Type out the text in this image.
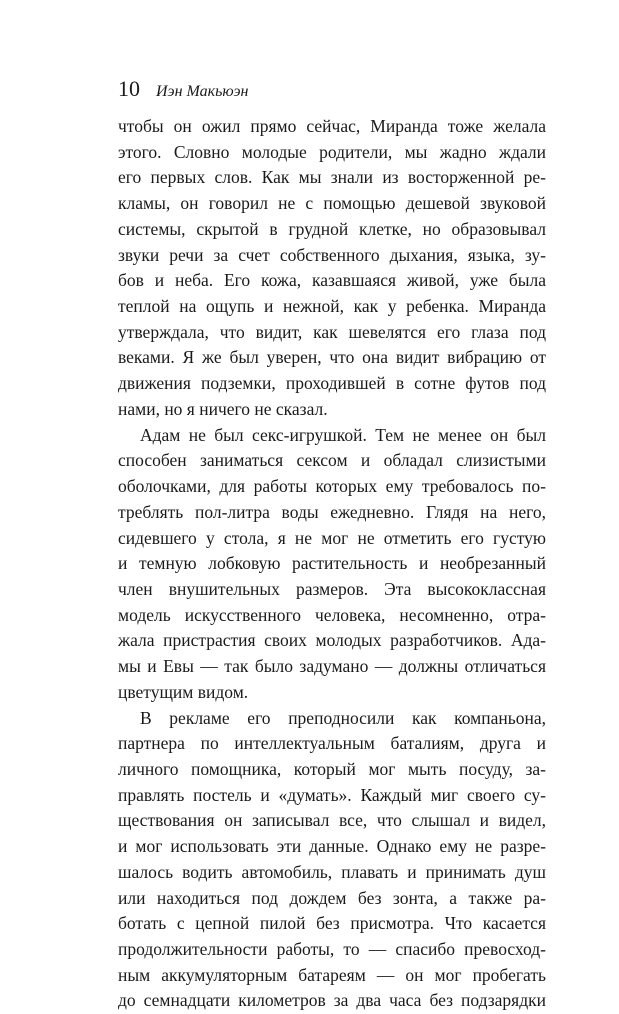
10 Иэн Макьюэн
чтобы он ожил прямо сейчас, Миранда тоже желала
этого. Словно молодые родители, мы жадно ждали
его первых слов. Как мы знали из восторженной ре-
кламы, он говорил не с помощью дешевой звуковой
системы, скрытой в грудной клетке, но образовывал
звуки речи за счет собственного дыхания, языка, зу-
бов и неба. Его кожа, казавшаяся живой, уже была
теплой на ощупь и нежной, как у ребенка. Миранда
утверждала, что видит, как шевелятся его глаза под
веками. Я же был уверен, что она видит вибрацию от
движения подземки, проходившей в сотне футов под
нами, но я ничего не сказал.
Адам не был секс-игрушкой. Тем не менее он был
способен заниматься сексом и обладал слизистыми
оболочками, для работы которых ему требовалось по-
треблять пол-литра воды ежедневно. Глядя на него,
сидевшего у стола, я не мог не отметить его густую
и темную лобковую растительность и необрезанный
член внушительных размеров. Эта высококлассная
модель искусственного человека, несомненно, отра-
жала пристрастия своих молодых разработчиков. Ада-
мы и Евы — так было задумано — должны отличаться
цветущим видом.
В рекламе его преподносили как компаньона,
партнера по интеллектуальным баталиям, друга и
личного помощника, который мог мыть посуду, за-
правлять постель и «думать». Каждый миг своего су-
ществования он записывал все, что слышал и видел,
и мог использовать эти данные. Однако ему не разре-
шалось водить автомобиль, плавать и принимать душ
или находиться под дождем без зонта, а также ра-
ботать с цепной пилой без присмотра. Что касается
продолжительности работы, то — спасибо превосход-
ным аккумуляторным батареям — он мог пробегать
до семнадцати километров за два часа без подзарядки
